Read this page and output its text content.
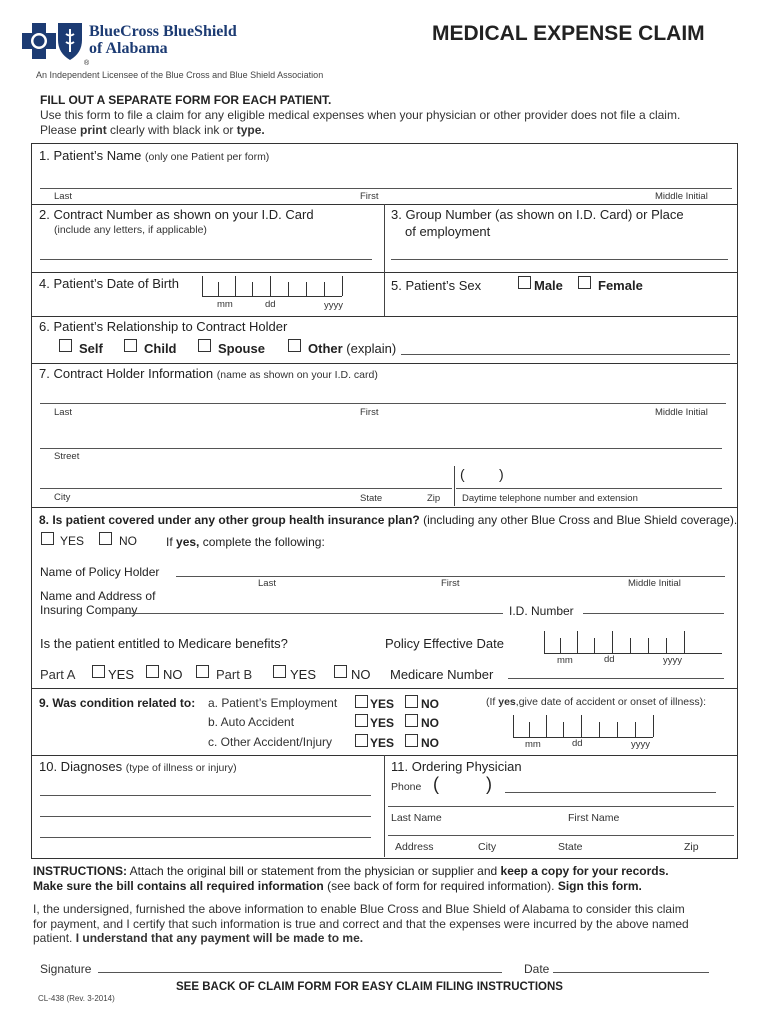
BlueCross BlueShield
of Alabama
®
An Independent Licensee of the Blue Cross and Blue Shield Association
MEDICAL EXPENSE CLAIM
FILL OUT A SEPARATE FORM FOR EACH PATIENT.
Use this form to file a claim for any eligible medical expenses when your physician or other provider does not file a claim.
Please print clearly with black ink or type.
1. Patient’s Name (only one Patient per form)
Last	First	Middle Initial
2. Contract Number as shown on your I.D. Card
(include any letters, if applicable)
3. Group Number (as shown on I.D. Card) or Place
of employment
4. Patient’s Date of Birth
mm	dd	yyyy
5. Patient’s Sex	Male	Female
6. Patient’s Relationship to Contract Holder
Self	Child	Spouse	Other (explain)
7. Contract Holder Information (name as shown on your I.D. card)
Last	First	Middle Initial
Street
( )
City	State	Zip Daytime telephone number and extension
8. Is patient covered under any other group health insurance plan? (including any other Blue Cross and Blue Shield coverage).
YES	NO If yes, complete the following:
Name of Policy Holder
Last	First	Middle Initial
Name and Address of
Insuring Company	I.D. Number
Is the patient entitled to Medicare benefits?	Policy Effective Date
mm	dd	yyyy
Part A	YES NO	Part B	YES	NO Medicare Number
9. Was condition related to: a. Patient’s Employment
b. Auto Accident
c. Other Accident/Injury
YES NO
YES NO
YES NO
(If yes,give date of accident or onset of illness):
mm	dd	yyyy
10. Diagnoses (type of illness or injury)	11. Ordering Physician
Phone (	)
Last Name	First Name
Address	City	State	Zip
INSTRUCTIONS: Attach the original bill or statement from the physician or supplier and keep a copy for your records.
Make sure the bill contains all required information (see back of form for required information). Sign this form.

I, the undersigned, furnished the above information to enable Blue Cross and Blue Shield of Alabama to consider this claim

for payment, and I certify that such information is true and correct and that the expenses were incurred by the above named

patient. I understand that any payment will be made to me.

Signature	Date
SEE BACK OF CLAIM FORM FOR EASY CLAIM FILING INSTRUCTIONS
CL-438 (Rev. 3-2014)
